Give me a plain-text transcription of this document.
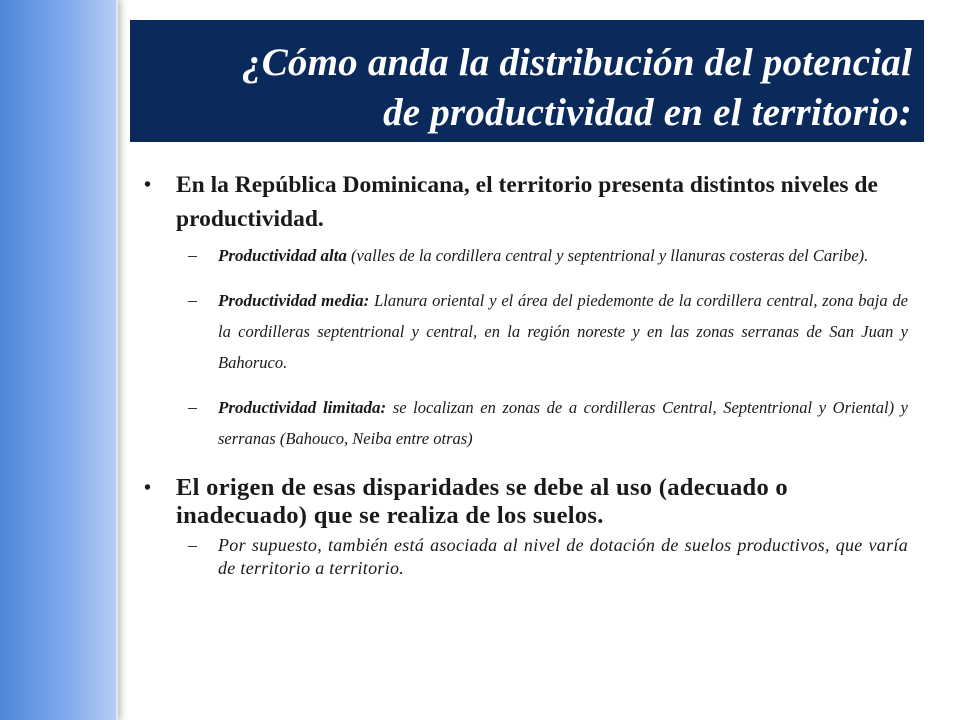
¿Cómo anda la distribución del potencial
de productividad en el territorio:
• En la República Dominicana, el territorio presenta distintos niveles de productividad.
– Productividad alta (valles de la cordillera central y septentrional y llanuras costeras del Caribe).
– Productividad media: Llanura oriental y el área del piedemonte de la cordillera central, zona baja de la cordilleras septentrional y central, en la región noreste y en las zonas serranas de San Juan y Bahoruco.
– Productividad limitada: se localizan en zonas de a cordilleras Central, Septentrional y Oriental) y serranas (Bahouco, Neiba entre otras)
• El origen de esas disparidades se debe al uso (adecuado o inadecuado) que se realiza de los suelos.
– Por supuesto, también está asociada al nivel de dotación de suelos productivos, que varía de territorio a territorio.
